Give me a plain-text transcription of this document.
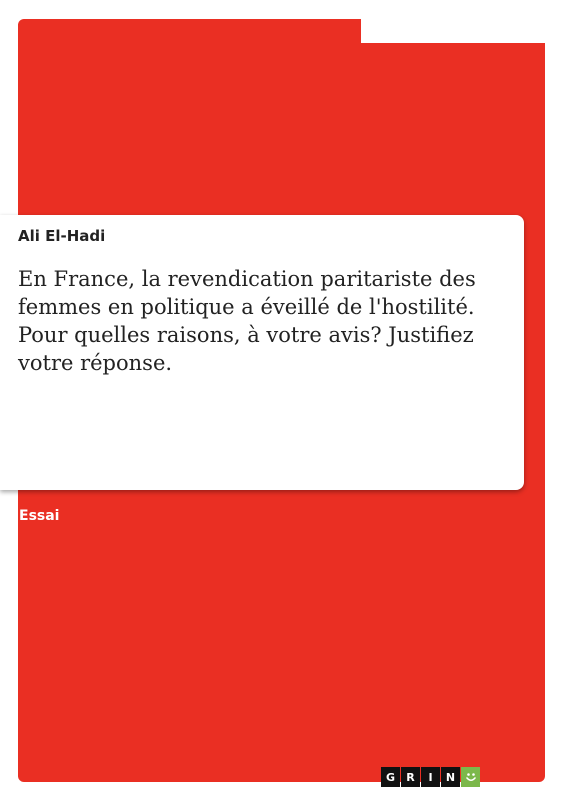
Ali El-Hadi
En France, la revendication paritariste des femmes en politique a éveillé de l'hostilité. Pour quelles raisons, à votre avis? Justifiez votre réponse.
Essai
G	R	I	N
